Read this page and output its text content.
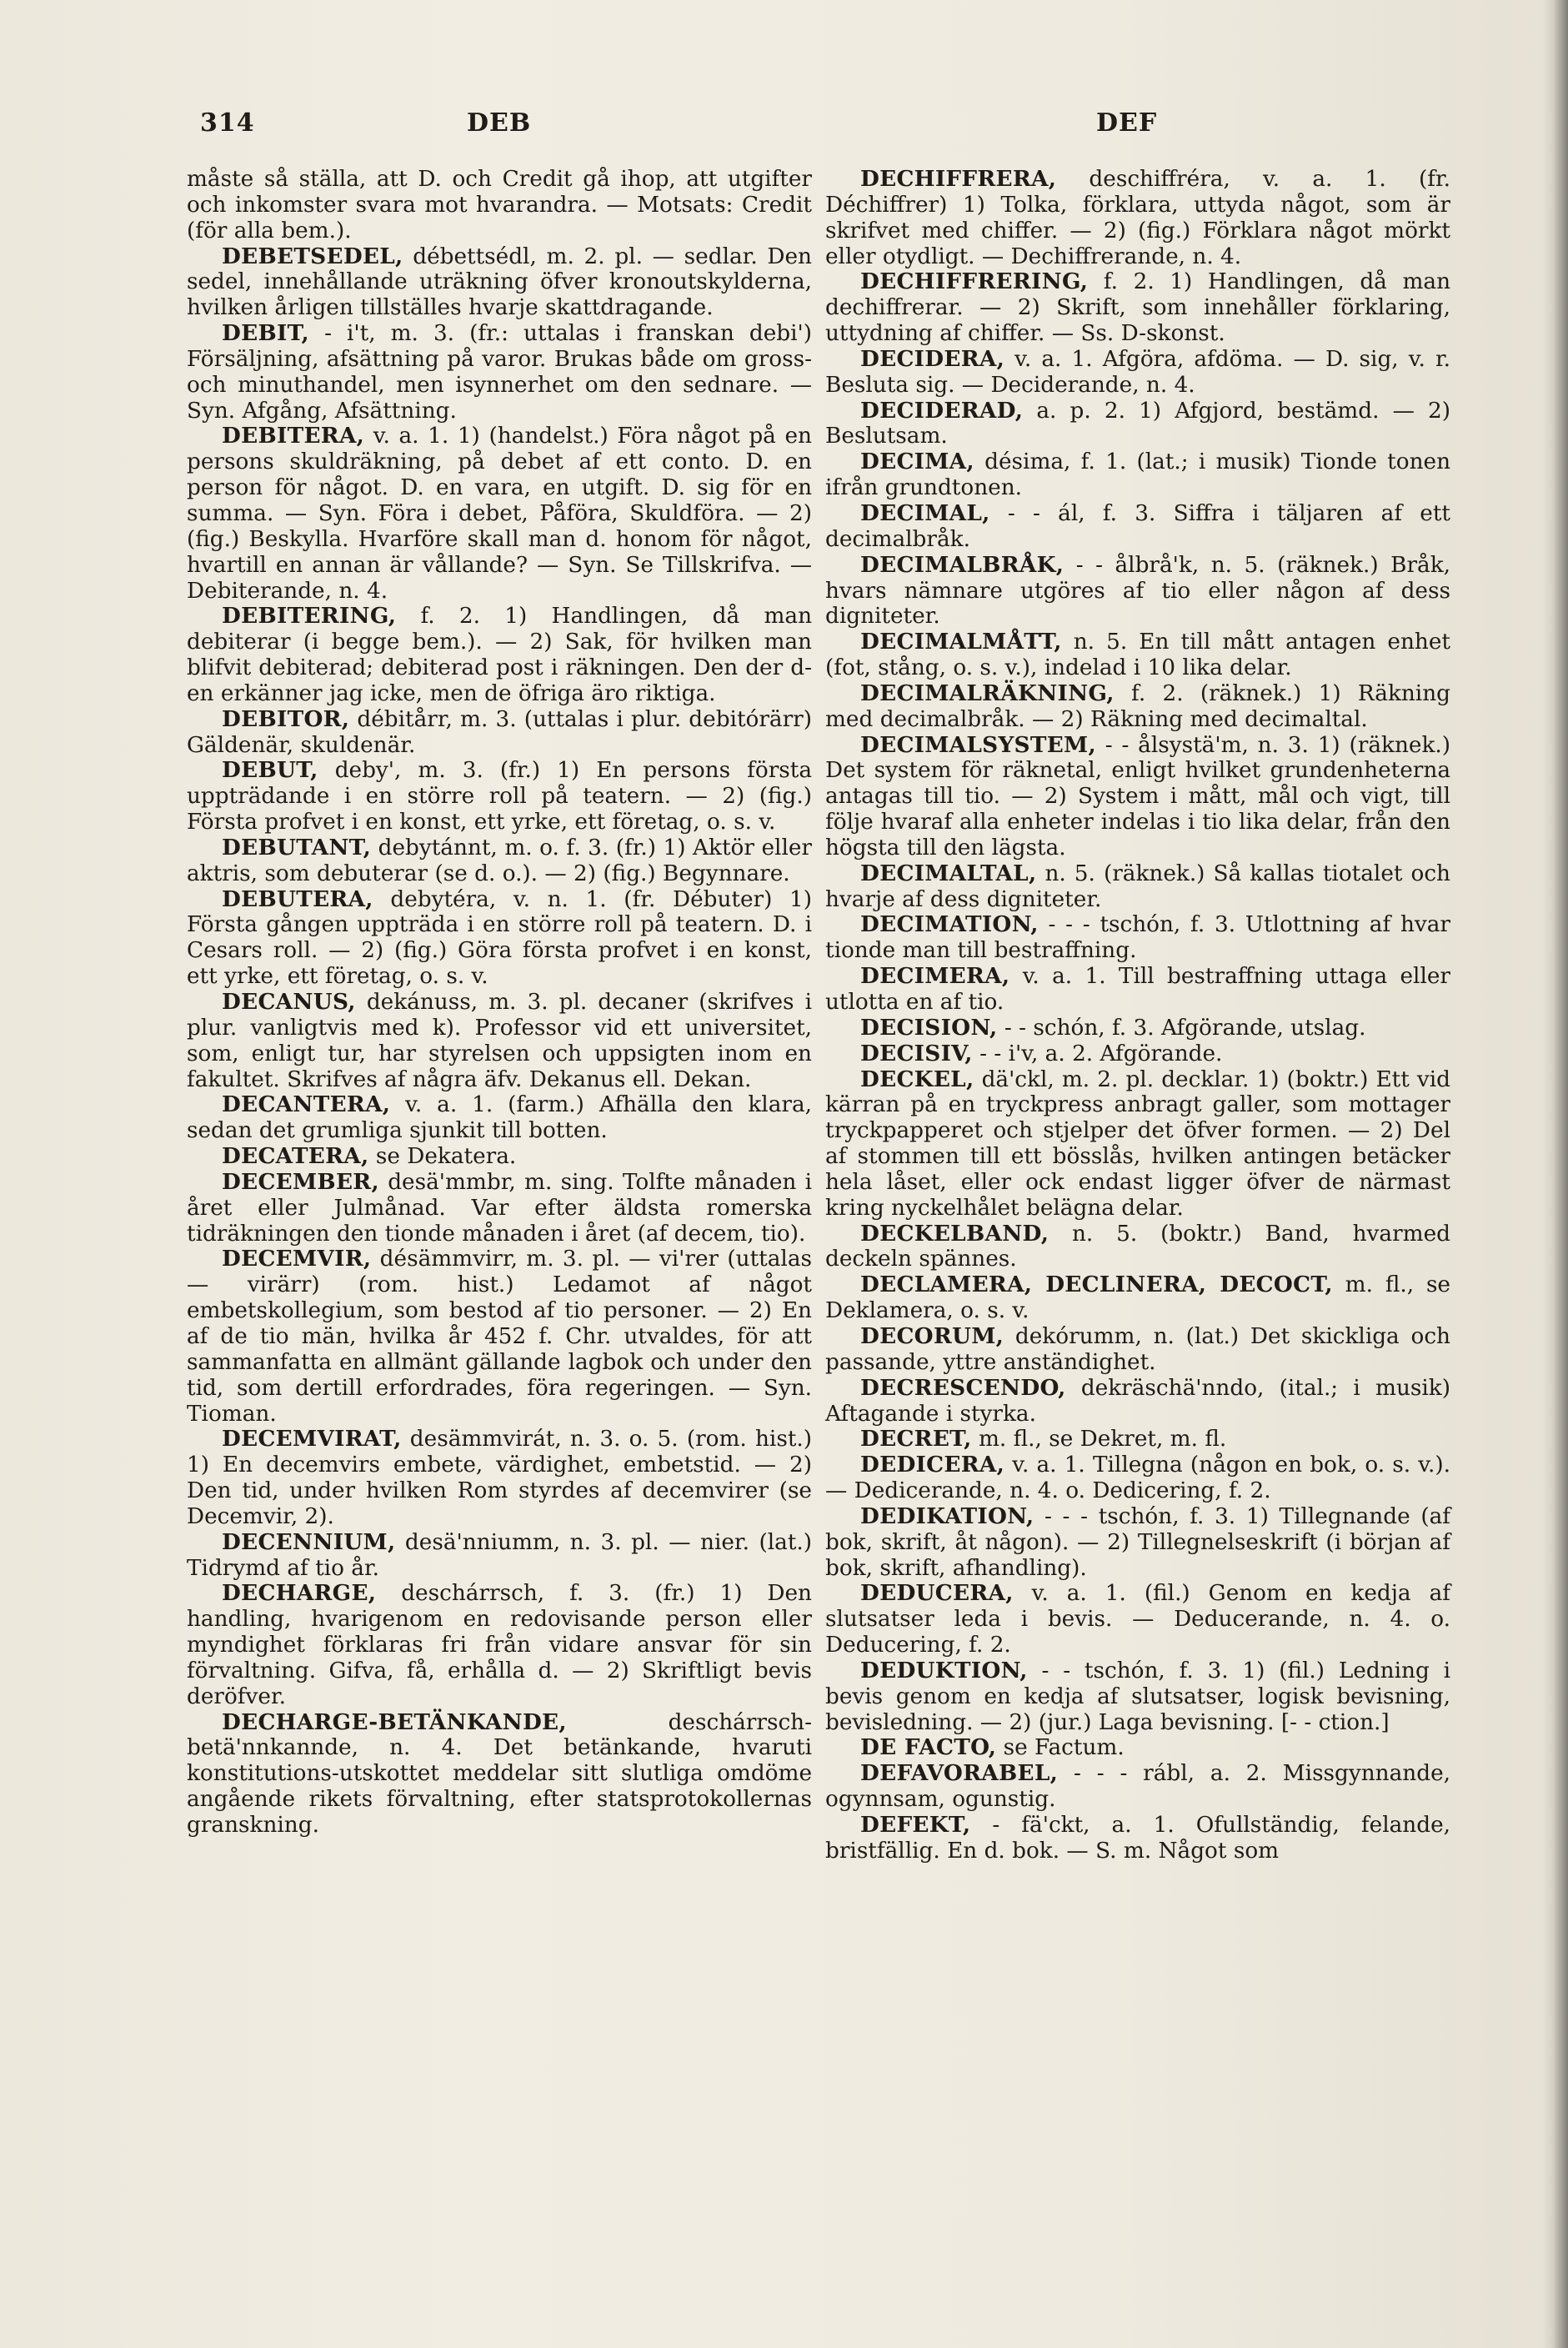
314	DEB	DEF

måste så ställa, att D. och Credit gå ihop, att utgifter och inkomster svara mot hvarandra. — Motsats: Credit (för alla bem.).

DEBETSEDEL, débettsédl, m. 2. pl. — sedlar. Den sedel, innehållande uträkning öfver kronoutskylderna, hvilken årligen tillställes hvarje skattdragande.

DEBIT, - i't, m. 3. (fr.: uttalas i franskan debi') Försäljning, afsättning på varor. Brukas både om gross- och minuthandel, men isynnerhet om den sednare. — Syn. Afgång, Afsättning.

DEBITERA, v. a. 1. 1) (handelst.) Föra något på en persons skuldräkning, på debet af ett conto. D. en person för något. D. en vara, en utgift. D. sig för en summa. — Syn. Föra i debet, Påföra, Skuldföra. — 2) (fig.) Beskylla. Hvarföre skall man d. honom för något, hvartill en annan är vållande? — Syn. Se Tillskrifva. — Debiterande, n. 4.

DEBITERING, f. 2. 1) Handlingen, då man debiterar (i begge bem.). — 2) Sak, för hvilken man blifvit debiterad; debiterad post i räkningen. Den der d-en erkänner jag icke, men de öfriga äro riktiga.

DEBITOR, débitårr, m. 3. (uttalas i plur. debitórärr) Gäldenär, skuldenär.

DEBUT, deby', m. 3. (fr.) 1) En persons första uppträdande i en större roll på teatern. — 2) (fig.) Första profvet i en konst, ett yrke, ett företag, o. s. v.

DEBUTANT, debytánnt, m. o. f. 3. (fr.) 1) Aktör eller aktris, som debuterar (se d. o.). — 2) (fig.) Begynnare.

DEBUTERA, debytéra, v. n. 1. (fr. Débuter) 1) Första gången uppträda i en större roll på teatern. D. i Cesars roll. — 2) (fig.) Göra första profvet i en konst, ett yrke, ett företag, o. s. v.

DECANUS, dekánuss, m. 3. pl. decaner (skrifves i plur. vanligtvis med k). Professor vid ett universitet, som, enligt tur, har styrelsen och uppsigten inom en fakultet. Skrifves af några äfv. Dekanus ell. Dekan.

DECANTERA, v. a. 1. (farm.) Afhälla den klara, sedan det grumliga sjunkit till botten.

DECATERA, se Dekatera.

DECEMBER, desä'mmbr, m. sing. Tolfte månaden i året eller Julmånad. Var efter äldsta romerska tidräkningen den tionde månaden i året (af decem, tio).

DECEMVIR, désämmvirr, m. 3. pl. — vi'rer (uttalas — virärr) (rom. hist.) Ledamot af något embetskollegium, som bestod af tio personer. — 2) En af de tio män, hvilka år 452 f. Chr. utvaldes, för att sammanfatta en allmänt gällande lagbok och under den tid, som dertill erfordrades, föra regeringen. — Syn. Tioman.

DECEMVIRAT, desämmvirát, n. 3. o. 5. (rom. hist.) 1) En decemvirs embete, värdighet, embetstid. — 2) Den tid, under hvilken Rom styrdes af decemvirer (se Decemvir, 2).

DECENNIUM, desä'nniumm, n. 3. pl. — nier. (lat.) Tidrymd af tio år.

DECHARGE, deschárrsch, f. 3. (fr.) 1) Den handling, hvarigenom en redovisande person eller myndighet förklaras fri från vidare ansvar för sin förvaltning. Gifva, få, erhålla d. — 2) Skriftligt bevis deröfver.

DECHARGE-BETÄNKANDE,	deschárrsch-betä'nnkannde, n. 4. Det betänkande, hvaruti konstitutions-utskottet meddelar sitt slutliga omdöme angående rikets förvaltning, efter statsprotokollernas granskning.

DECHIFFRERA, deschiffréra, v. a. 1. (fr. Déchiffrer) 1) Tolka, förklara, uttyda något, som är skrifvet med chiffer. — 2) (fig.) Förklara något mörkt eller otydligt. — Dechiffrerande, n. 4.

DECHIFFRERING, f. 2. 1) Handlingen, då man dechiffrerar. — 2) Skrift, som innehåller förklaring, uttydning af chiffer. — Ss. D-skonst.

DECIDERA, v. a. 1. Afgöra, afdöma. — D. sig, v. r. Besluta sig. — Deciderande, n. 4.

DECIDERAD, a. p. 2. 1) Afgjord, bestämd. — 2) Beslutsam.

DECIMA, désima, f. 1. (lat.; i musik) Tionde tonen ifrån grundtonen.

DECIMAL, - - ál, f. 3. Siffra i täljaren af ett decimalbråk.

DECIMALBRÅK, - - ålbrå'k, n. 5. (räknek.) Bråk, hvars nämnare utgöres af tio eller någon af dess digniteter.

DECIMALMÅTT, n. 5. En till mått antagen enhet (fot, stång, o. s. v.), indelad i 10 lika delar.

DECIMALRÄKNING, f. 2. (räknek.) 1) Räkning med decimalbråk. — 2) Räkning med decimaltal.

DECIMALSYSTEM, - - ålsystä'm, n. 3. 1) (räknek.) Det system för räknetal, enligt hvilket grundenheterna antagas till tio. — 2) System i mått, mål och vigt, till följe hvaraf alla enheter indelas i tio lika delar, från den högsta till den lägsta.

DECIMALTAL, n. 5. (räknek.) Så kallas tiotalet och hvarje af dess digniteter.

DECIMATION, - - - tschón, f. 3. Utlottning af hvar tionde man till bestraffning.

DECIMERA, v. a. 1. Till bestraffning uttaga eller utlotta en af tio.

DECISION, - - schón, f. 3. Afgörande, utslag.

DECISIV, - - i'v, a. 2. Afgörande.

DECKEL, dä'ckl, m. 2. pl. decklar. 1) (boktr.) Ett vid kärran på en tryckpress anbragt galler, som mottager tryckpapperet och stjelper det öfver formen. — 2) Del af stommen till ett bösslås, hvilken antingen betäcker hela låset, eller ock endast ligger öfver de närmast kring nyckelhålet belägna delar.

DECKELBAND, n. 5. (boktr.) Band, hvarmed deckeln spännes.

DECLAMERA, DECLINERA, DECOCT, m. fl., se Deklamera, o. s. v.

DECORUM, dekórumm, n. (lat.) Det skickliga och passande, yttre anständighet.

DECRESCENDO, dekräschä'nndo, (ital.; i musik) Aftagande i styrka.

DECRET, m. fl., se Dekret, m. fl.

DEDICERA, v. a. 1. Tillegna (någon en bok, o. s. v.). — Dedicerande, n. 4. o. Dedicering, f. 2.

DEDIKATION, - - - tschón, f. 3. 1) Tillegnande (af bok, skrift, åt någon). — 2) Tillegnelseskrift (i början af bok, skrift, afhandling).

DEDUCERA, v. a. 1. (fil.) Genom en kedja af slutsatser leda i bevis. — Deducerande, n. 4. o. Deducering, f. 2.

DEDUKTION, - - tschón, f. 3. 1) (fil.) Ledning i bevis genom en kedja af slutsatser, logisk bevisning, bevisledning. — 2) (jur.) Laga bevisning. [- - ction.]

DE FACTO, se Factum.

DEFAVORABEL, - - - rábl, a. 2. Missgynnande, ogynnsam, ogunstig.

DEFEKT, - fä'ckt, a. 1. Ofullständig, felande, bristfällig. En d. bok. — S. m. Något som
